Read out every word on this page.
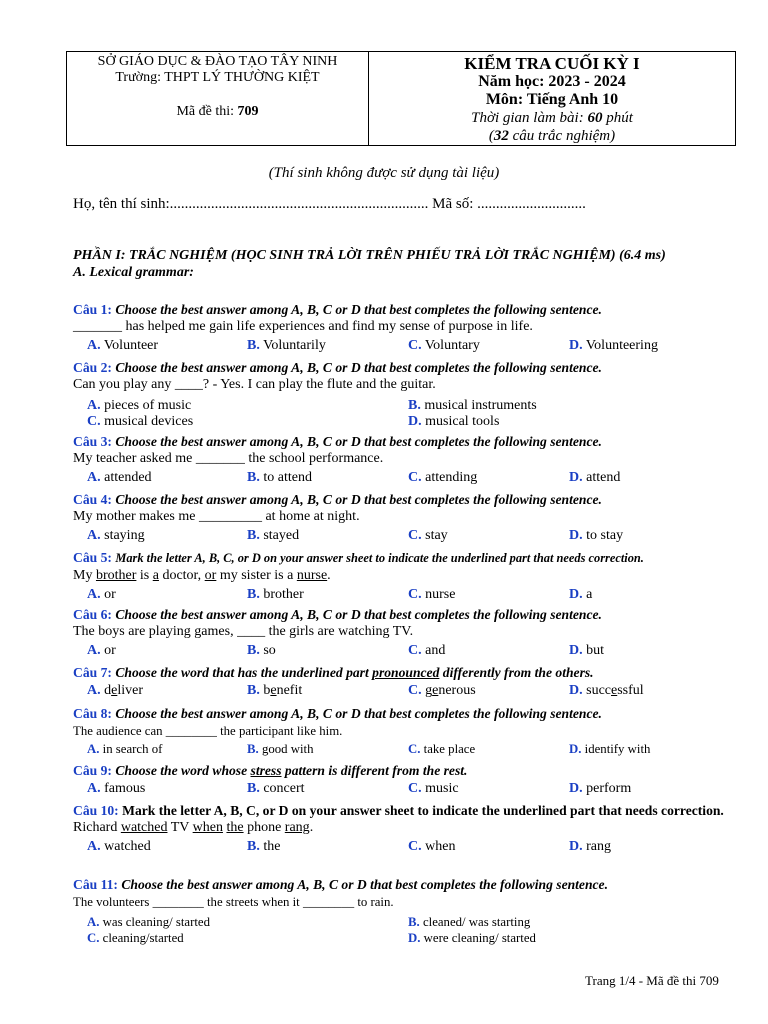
SỞ GIÁO DỤC & ĐÀO TẠO TÂY NINH
Trường: THPT LÝ THƯỜNG KIỆT
Mã đề thi: 709
KIỂM TRA CUỐI KỲ I
Năm học: 2023 - 2024
Môn: Tiếng Anh 10
Thời gian làm bài: 60 phút
(32 câu trắc nghiệm)
(Thí sinh không được sử dụng tài liệu)
Họ, tên thí sinh:..................................................................... Mã số: .............................
PHẦN I: TRẮC NGHIỆM (HỌC SINH TRẢ LỜI TRÊN PHIẾU TRẢ LỜI TRẮC NGHIỆM) (6.4 ms)
A. Lexical grammar:
Câu 1: Choose the best answer among A, B, C or D that best completes the following sentence.
_______ has helped me gain life experiences and find my sense of purpose in life.
A. Volunteer	B. Voluntarily	C. Voluntary	D. Volunteering
Câu 2: Choose the best answer among A, B, C or D that best completes the following sentence.
Can you play any ____? - Yes. I can play the flute and the guitar.
A. pieces of music	B. musical instruments
C. musical devices	D. musical tools
Câu 3: Choose the best answer among A, B, C or D that best completes the following sentence.
My teacher asked me _______ the school performance.
A. attended	B. to attend	C. attending	D. attend
Câu 4: Choose the best answer among A, B, C or D that best completes the following sentence.
My mother makes me _________ at home at night.
A. staying	B. stayed	C. stay	D. to stay
Câu 5: Mark the letter A, B, C, or D on your answer sheet to indicate the underlined part that needs correction.
My brother is a doctor, or my sister is a nurse.
A. or	B. brother	C. nurse	D. a
Câu 6: Choose the best answer among A, B, C or D that best completes the following sentence.
The boys are playing games, ____ the girls are watching TV.
A. or	B. so	C. and	D. but
Câu 7: Choose the word that has the underlined part pronounced differently from the others.
A. deliver	B. benefit	C. generous	D. successful
Câu 8: Choose the best answer among A, B, C or D that best completes the following sentence.
The audience can ________ the participant like him.
A. in search of	B. good with	C. take place	D. identify with
Câu 9: Choose the word whose stress pattern is different from the rest.
A. famous	B. concert	C. music	D. perform
Câu 10: Mark the letter A, B, C, or D on your answer sheet to indicate the underlined part that needs correction.
Richard watched TV when the phone rang.
A. watched	B. the	C. when	D. rang
Câu 11: Choose the best answer among A, B, C or D that best completes the following sentence.
The volunteers ________ the streets when it ________ to rain.
A. was cleaning/ started	B. cleaned/ was starting
C. cleaning/started	D. were cleaning/ started
Trang 1/4 - Mã đề thi 709
